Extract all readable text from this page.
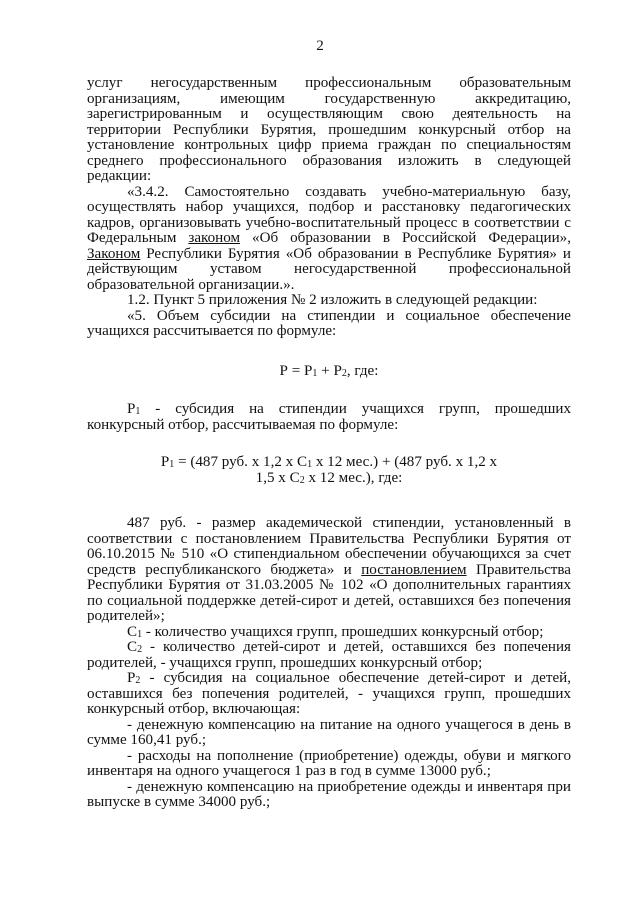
2

услуг негосударственным профессиональным образовательным организациям, имеющим государственную аккредитацию, зарегистрированным и осуществляющим свою деятельность на территории Республики Бурятия, прошедшим конкурсный отбор на установление контрольных цифр приема граждан по специальностям среднего профессионального образования изложить в следующей редакции:

«3.4.2. Самостоятельно создавать учебно-материальную базу, осуществлять набор учащихся, подбор и расстановку педагогических кадров, организовывать учебно-воспитательный процесс в соответствии с Федеральным законом «Об образовании в Российской Федерации», Законом Республики Бурятия «Об образовании в Республике Бурятия» и действующим уставом негосударственной профессиональной образовательной организации.».

1.2. Пункт 5 приложения № 2 изложить в следующей редакции:

«5. Объем субсидии на стипендии и социальное обеспечение учащихся рассчитывается по формуле:

$Р = Р_1 + Р_2$, где:

$Р_1$ - субсидия на стипендии учащихся групп, прошедших конкурсный отбор, рассчитываемая по формуле:

$Р_1 = (487$ руб. х 1,2 х $С_1$ х 12 мес.) + (487 руб. х 1,2 х

1,5 х $С_2$ х 12 мес.), где:

487 руб. - размер академической стипендии, установленный в соответствии с постановлением Правительства Республики Бурятия от 06.10.2015 № 510 «О стипендиальном обеспечении обучающихся за счет средств республиканского бюджета» и постановлением Правительства Республики Бурятия от 31.03.2005 № 102 «О дополнительных гарантиях по социальной поддержке детей-сирот и детей, оставшихся без попечения родителей»;

$С_1$ - количество учащихся групп, прошедших конкурсный отбор;

$С_2$ - количество детей-сирот и детей, оставшихся без попечения родителей, - учащихся групп, прошедших конкурсный отбор;

$Р_2$ - субсидия на социальное обеспечение детей-сирот и детей, оставшихся без попечения родителей, - учащихся групп, прошедших конкурсный отбор, включающая:

- денежную компенсацию на питание на одного учащегося в день в сумме 160,41 руб.;

- расходы на пополнение (приобретение) одежды, обуви и мягкого инвентаря на одного учащегося 1 раз в год в сумме 13000 руб.;

- денежную компенсацию на приобретение одежды и инвентаря при выпуске в сумме 34000 руб.;
